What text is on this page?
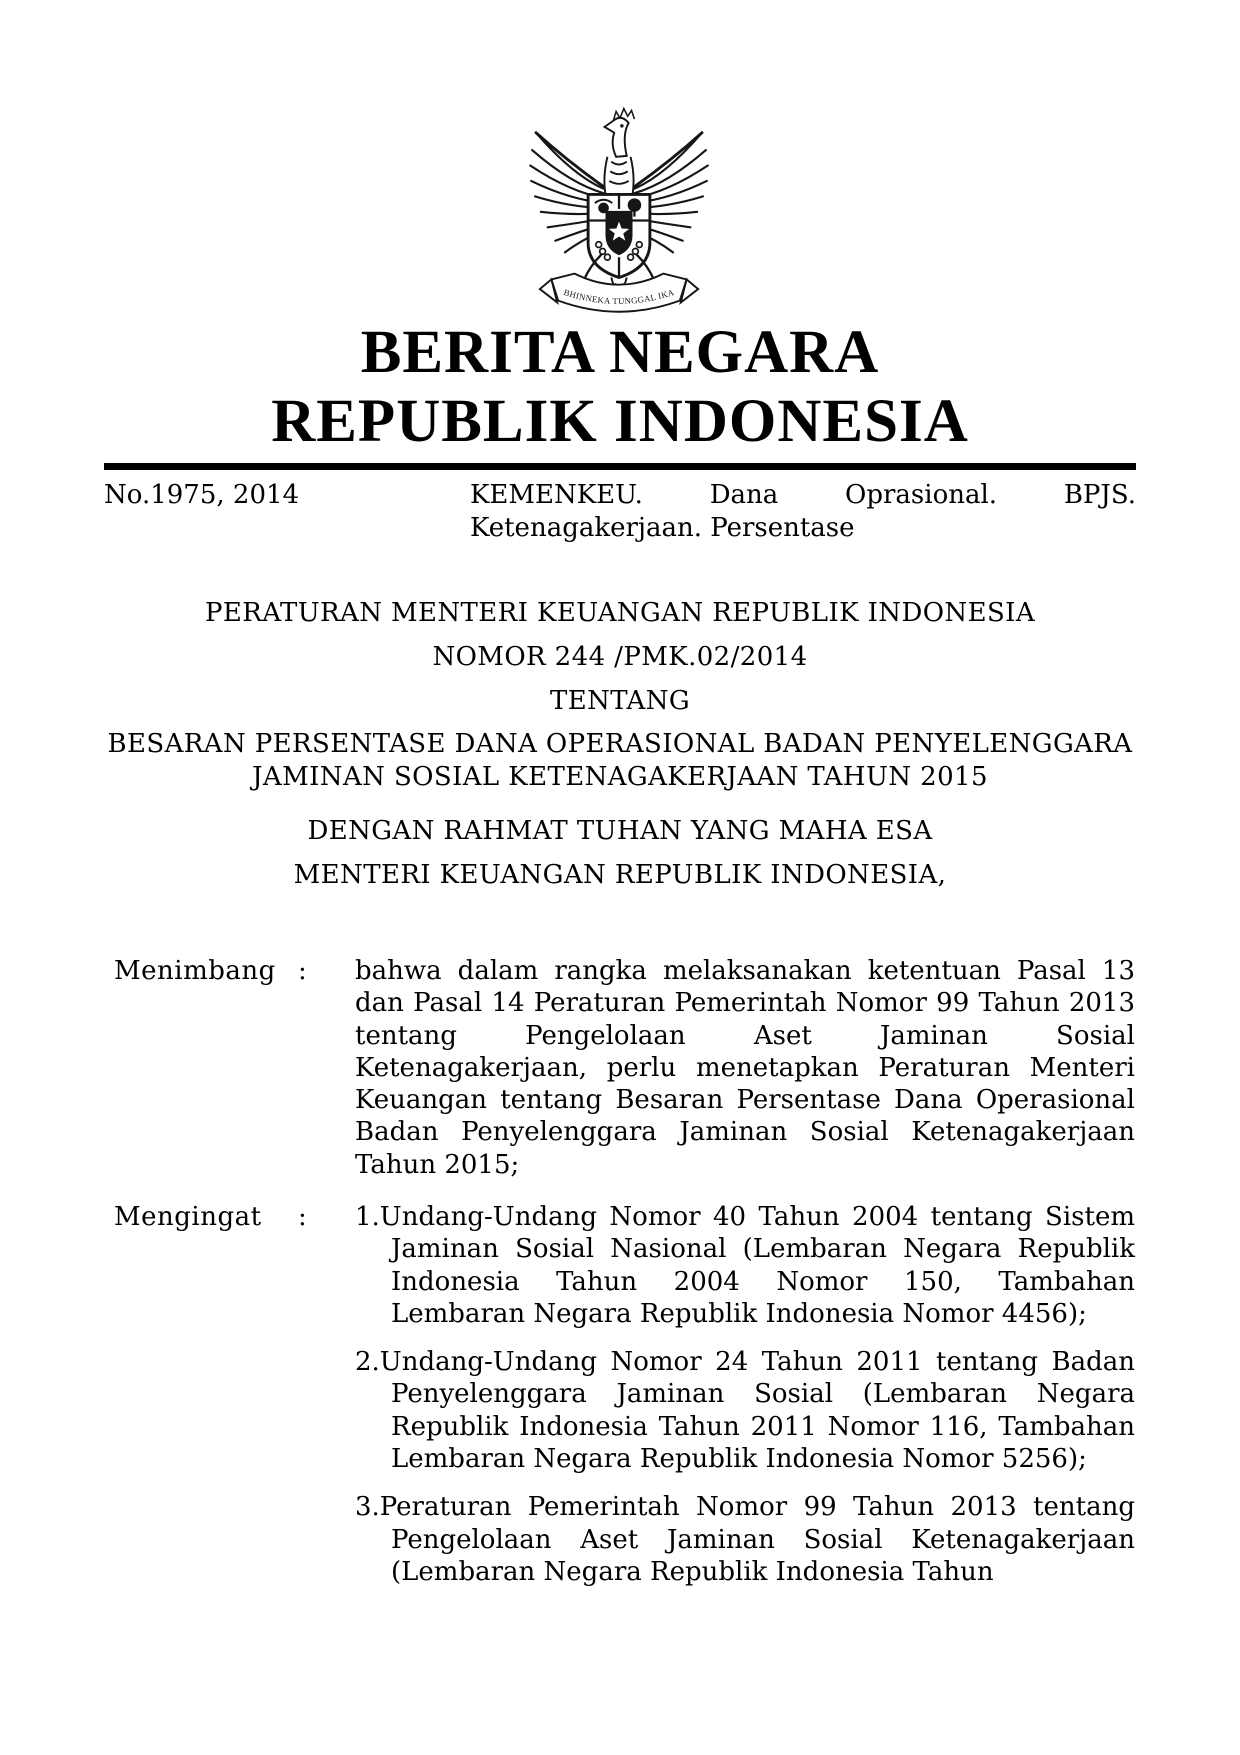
BHINNEKA TUNGGAL IKA
BERITA NEGARA
REPUBLIK INDONESIA
No.1975, 2014	KEMENKEU. Dana Oprasional. BPJS.
Ketenagakerjaan. Persentase
PERATURAN MENTERI KEUANGAN REPUBLIK INDONESIA
NOMOR 244 /PMK.02/2014
TENTANG
BESARAN PERSENTASE DANA OPERASIONAL BADAN PENYELENGGARA JAMINAN SOSIAL KETENAGAKERJAAN TAHUN 2015
DENGAN RAHMAT TUHAN YANG MAHA ESA
MENTERI KEUANGAN REPUBLIK INDONESIA,
Menimbang : bahwa dalam rangka melaksanakan ketentuan Pasal 13 dan Pasal 14 Peraturan Pemerintah Nomor 99 Tahun 2013 tentang Pengelolaan Aset Jaminan Sosial Ketenagakerjaan, perlu menetapkan Peraturan Menteri Keuangan tentang Besaran Persentase Dana Operasional Badan Penyelenggara Jaminan Sosial Ketenagakerjaan Tahun 2015;
Mengingat : 1.Undang-Undang Nomor 40 Tahun 2004 tentang Sistem Jaminan Sosial Nasional (Lembaran Negara Republik Indonesia Tahun 2004 Nomor 150, Tambahan Lembaran Negara Republik Indonesia Nomor 4456);
2.Undang-Undang Nomor 24 Tahun 2011 tentang Badan Penyelenggara Jaminan Sosial (Lembaran Negara Republik Indonesia Tahun 2011 Nomor 116, Tambahan Lembaran Negara Republik Indonesia Nomor 5256);
3.Peraturan Pemerintah Nomor 99 Tahun 2013 tentang Pengelolaan Aset Jaminan Sosial Ketenagakerjaan (Lembaran Negara Republik Indonesia Tahun
